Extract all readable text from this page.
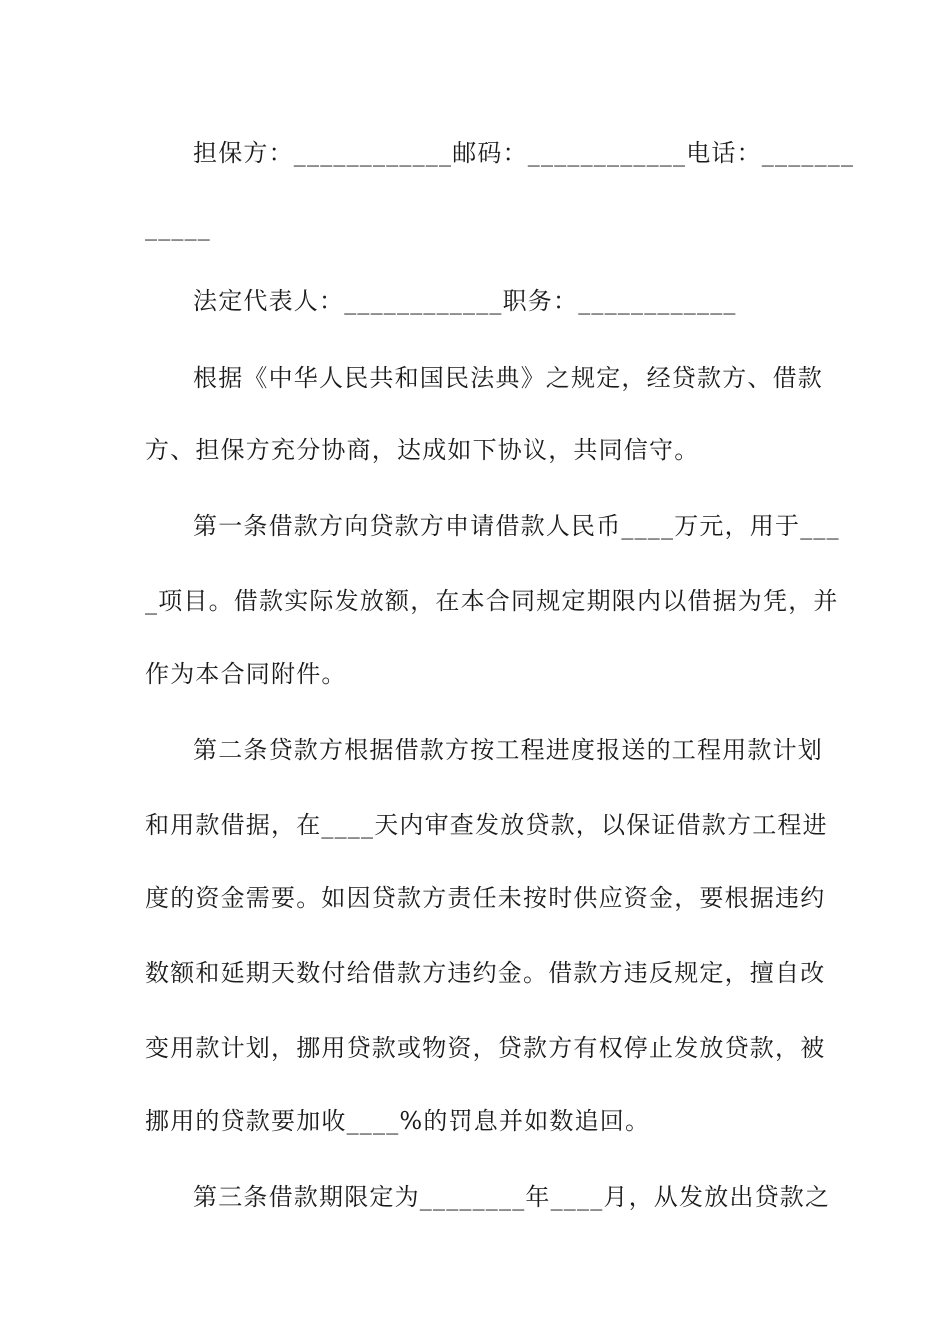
担保方：____________邮码：____________电话：_______
_____
法定代表人：____________职务：____________
根据《中华人民共和国民法典》之规定，经贷款方、借款
方、担保方充分协商，达成如下协议，共同信守。
第一条借款方向贷款方申请借款人民币____万元，用于___
_项目。借款实际发放额，在本合同规定期限内以借据为凭，并
作为本合同附件。
第二条贷款方根据借款方按工程进度报送的工程用款计划
和用款借据，在____天内审查发放贷款，以保证借款方工程进
度的资金需要。如因贷款方责任未按时供应资金，要根据违约
数额和延期天数付给借款方违约金。借款方违反规定，擅自改
变用款计划，挪用贷款或物资，贷款方有权停止发放贷款，被
挪用的贷款要加收____%的罚息并如数追回。
第三条借款期限定为________年____月，从发放出贷款之
